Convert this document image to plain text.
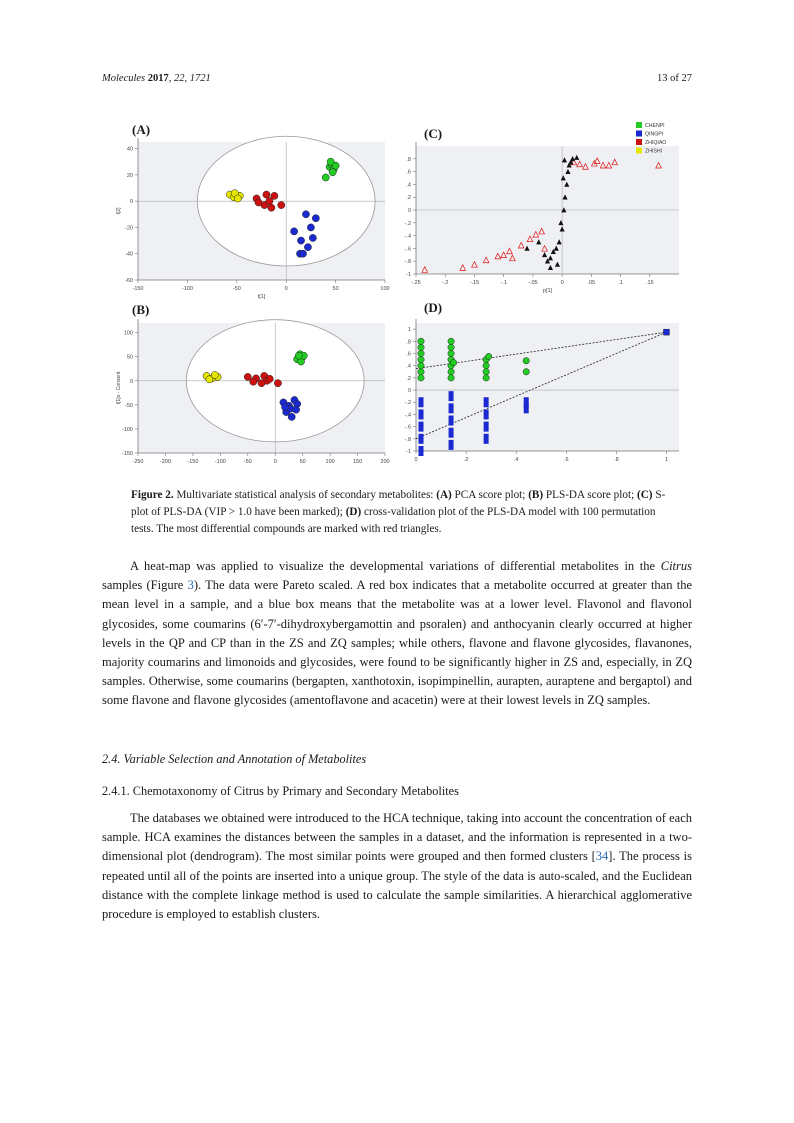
Molecules 2017, 22, 1721	13 of 27
(A)
(B)
(C)
(D)
-150	-100	-50	0	50	100
-60
-40
-20
0
20
40
t[1]
t[2]
-250	-200	-150	-100	-50	0	50	100	150	200
-150
-100
-50
0
50
100
t[1]o - Consent
-.25	-.2	-.15	-.1	-.05	0	.05	.1	.15
-1
-.8
-.6
-.4
-.2
0
.2
.4
.6
.8
p[1]
0	.2	.4	.6	.8	1
-1
-.8
-.6
-.4
-.2
0
.2
.4
.6
.8
1
CHENPI
QINGPI
ZHIQIAO
ZHISHI
Figure 2. Multivariate statistical analysis of secondary metabolites: (A) PCA score plot; (B) PLS-DA score plot; (C) S-plot of PLS-DA (VIP > 1.0 have been marked); (D) cross-validation plot of the PLS-DA model with 100 permutation tests. The most differential compounds are marked with red triangles.

A heat-map was applied to visualize the developmental variations of differential metabolites in the Citrus samples (Figure 3). The data were Pareto scaled. A red box indicates that a metabolite occurred at greater than the mean level in a sample, and a blue box means that the metabolite was at a lower level. Flavonol and flavonol glycosides, some coumarins (6′-7′-dihydroxybergamottin and psoralen) and anthocyanin clearly occurred at higher levels in the QP and CP than in the ZS and ZQ samples; while others, flavone and flavone glycosides, flavanones, majority coumarins and limonoids and glycosides, were found to be significantly higher in ZS and, especially, in ZQ samples. Otherwise, some coumarins (bergapten, xanthotoxin, isopimpinellin, aurapten, auraptene and bergaptol) and some flavone and flavone glycosides (amentoflavone and acacetin) were at their lowest levels in ZQ samples.

2.4. Variable Selection and Annotation of Metabolites
2.4.1. Chemotaxonomy of Citrus by Primary and Secondary Metabolites

The databases we obtained were introduced to the HCA technique, taking into account the concentration of each sample. HCA examines the distances between the samples in a dataset, and the information is represented in a two-dimensional plot (dendrogram). The most similar points were grouped and then formed clusters [34]. The process is repeated until all of the points are inserted into a unique group. The style of the data is auto-scaled, and the Euclidean distance with the complete linkage method is used to calculate the sample similarities. A hierarchical agglomerative procedure is employed to establish clusters.
